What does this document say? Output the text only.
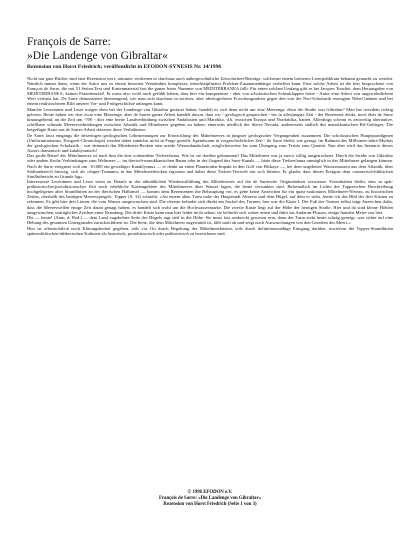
François de Sarre:
»Die Landenge von Gibraltar«
Rezension von Horst Friedrich; veröffentlicht in EFODON-SYNESIS Nr. 14/1996

Nicht nur gute Bücher sind eine Rezension wert, mitunter verdienen es durchaus auch außergewöhnliche Zeitschriften-Beiträge, solcherart einem breiteren Leserpublikum bekannt gemacht zu werden. Nämlich immer dann, wenn der Autor uns zu einem besseren Verständnis komplexer, interdisziplinärer Problem-Zusammenhänge verhelfen kann. Eine solche Arbeit ist die hier besprochene von François de Sarre, die mit 51 Seiten Text und Kartenmaterial fast die ganze letzte Nummer von MEDITERRANEA füllt. Für einen solchen Umfang gibt es bei Jacques Touchet, dem Herausgeber von MEDITERRANEA, keinen Präzedenzfall. Er muss also wohl auch gefühlt haben, dass hier ein kompetenter - aber von scholastischen Scheuklappen freier - Autor eine Arbeit von ungewöhnlichem Wert verfasst hat. De Sarre demonstriert überzeugend, wie man sich durchaus in seriöser, aber ideologiefreier Forschungsarbeit gegen den von der Neo-Scholastik erzeugten Nebel bahnen und bei einem realistischeren Bild unserer Vor- und Frühgeschichte anlangen kann.

Manche Leserinnen und Leser mögen eben bei der Landenge von Gibraltar gestutzt haben: handelt es sich denn nicht um eine Meerenge, eben die Straße von Gibraltar? Man hat trotzdem richtig gelesen. Heute haben wir dort zwar eine Meerenge, aber de Sarres ganze Arbeit handelt davon, dass wir - geologisch gesprochen - bis in allerjüngste Zeit - der Rezensent denkt, noch über de Sarre hinausgehend, an die Zeit um -700 - dort eine breite Landverbindung zwischen Andalusien und Marokko, d.h. zwischen Europa und Nordafrika, hatten. Allerdings scheint es zeitweilig alternative, schiffbare schmale Meeresverbindungen zwischen Atlantik und Mittelmeer gegeben zu haben: einerseits nördlich der Sierra Nevada, andererseits südlich des marokkanischen Rif-Gebirges. Die beigefügte Karte aus de Sarres Arbeit skizziert diese Verhältnisse.

De Sarre fasst eingangs die derzeitigen geologischen Lehrmeinungen zur Entwicklung des Mittelmeeres in jüngster geologischer Vergangenheit zusammen. Die scholastischen Hauptparadigmen (Uniformitarismus, Ewigzeit-Chronologie) werden dabei zunächst nicht in Frage gestellt. Irgendwann in vorgeschichtlicher Zeit - de Sarre bleibt, wie gesagt, im Rahmen des Millionen-Jahre-Mythus der geologischen Scholastik - war demnach das Mittelmeer-Becken eine ariede Wüstenlandschaft, möglicherweise bis zum Übergang vom Tertiär zum Quartär. Nun aber wird das Szenario dieses Autors dramatisch und kataklysmisch!

Das große Rätsel des Mittelmeeres ist nach ihm die dort vorhandene Tiefseefauna. Wie ist sie dorthin gekommen? Das Mittelmeer war ja zuvor völlig ausgetrocknet. Durch die Straße von Gibraltar oder andere flache Verbindungen zum Weltmeer — im iberisch-marokkanischen Raum oder in der Gegend des Suez-Kanals — hätte diese Tiefseefauna unmöglich in das Mittelmeer gelangen können. Nach de Sarre ereignete sich um -10.000 ein gewaltiger Kataklysmus — er denkt an einen Planetoiden-Impakt in den Golf von Biskaya —, bei dem ungeheure Wassermassen aus dem Atlantik, über Südfrankreich hinweg, sich als »Super-Tsunami« in das Mittelmeerbecken ergossen und dabei diese Tiefsee-Tierwelt mit sich führten. Er glaubt, dass dieses Ereignis dem »sumerisch-biblischen Sintflutbericht zu Grunde lag«.

Interessierte Leserinnen und Leser seien zu Details in der allmählichen Wiederauffüllung des Mittelmeeres auf die de Sarresche Originalarbeit verwiesen. Festzuhalten bleibt, dass in spät-prähistorischer/protohistorischer Zeit noch erhebliche Küstengebiete des Mittelmeeres über Wasser lagen, die heute versunken sind. Befremdlich im Lichte der Topperschen Beschreibung hochgelegener alter Strandlinien an der iberischen Halbinsel — kommt dem Rezensenten die Behauptung vor, es gebe keine Anzeichen für ein quasi-stationäres Mittelmeer-Niveau, zu historischen Zeiten, oberhalb des heutigen Meeresspiegels. Topper (S. 32) schreibt: »An einem alten Turm nahe der Hauptstadt Almeria und dem Hügel, auf dem er steht, lernte ich das Bild der drei Küsten zu erkennen. Es gibt hier drei Linien, die vom Wasser ausgewaschen sind. Die oberste befindet sich direkt am Sockel des Turmes; hier war die Küste I. Der Fuß des Turmes selbst trägt Anzeichen dafür, dass die Meereswellen einige Zeit daran genagt haben; es handelt sich wohl um die Hochwassermarke. Die zweite Küste liegt auf der Höhe der heutigen Straße. Hier und da sind kleine Höhlen ausgewaschen, untrügliches Zeichen einer Brandung. Die dritte Küste kann man hier leider nicht sehen; sie befindet sich weiter unten und führt ins Andaran-Flusses, einige hundert Meter von hier.

Die — heute! (Anm. d. Red.) — dem Land zugekehrte Seite des Hügels ragt steil in die Höhe. Sie muss fast senkrecht gewesen sein, denn der Turm steht heute schräg geneigt, was sicher auf eine Hebung des gesamten Untergrundes zurückzuführen ist. Die Seite, die dem Mittelmeer zugewandt ist, fällt sanft ab und zeigt noch Auswaschungen von den Gezeiten des Meers.«

Hier ist offensichtlich noch Klärungsbedarf gegeben, teils vor Ort durch Begehung der Mittelmeerküsten, teils durch definitionsmäßige Einigung darüber, inwiefern die Topper-Strandlinien spätneolithischen/altiberischen Kulturen als historisch, protohistorisch oder prähistorisch zu bezeichnen sind.

© 1996 EFODON e.V.
François de Sarre: »Die Landenge von Gibraltar«
Rezension von Horst Friedrich (Seite 1 von 3)
